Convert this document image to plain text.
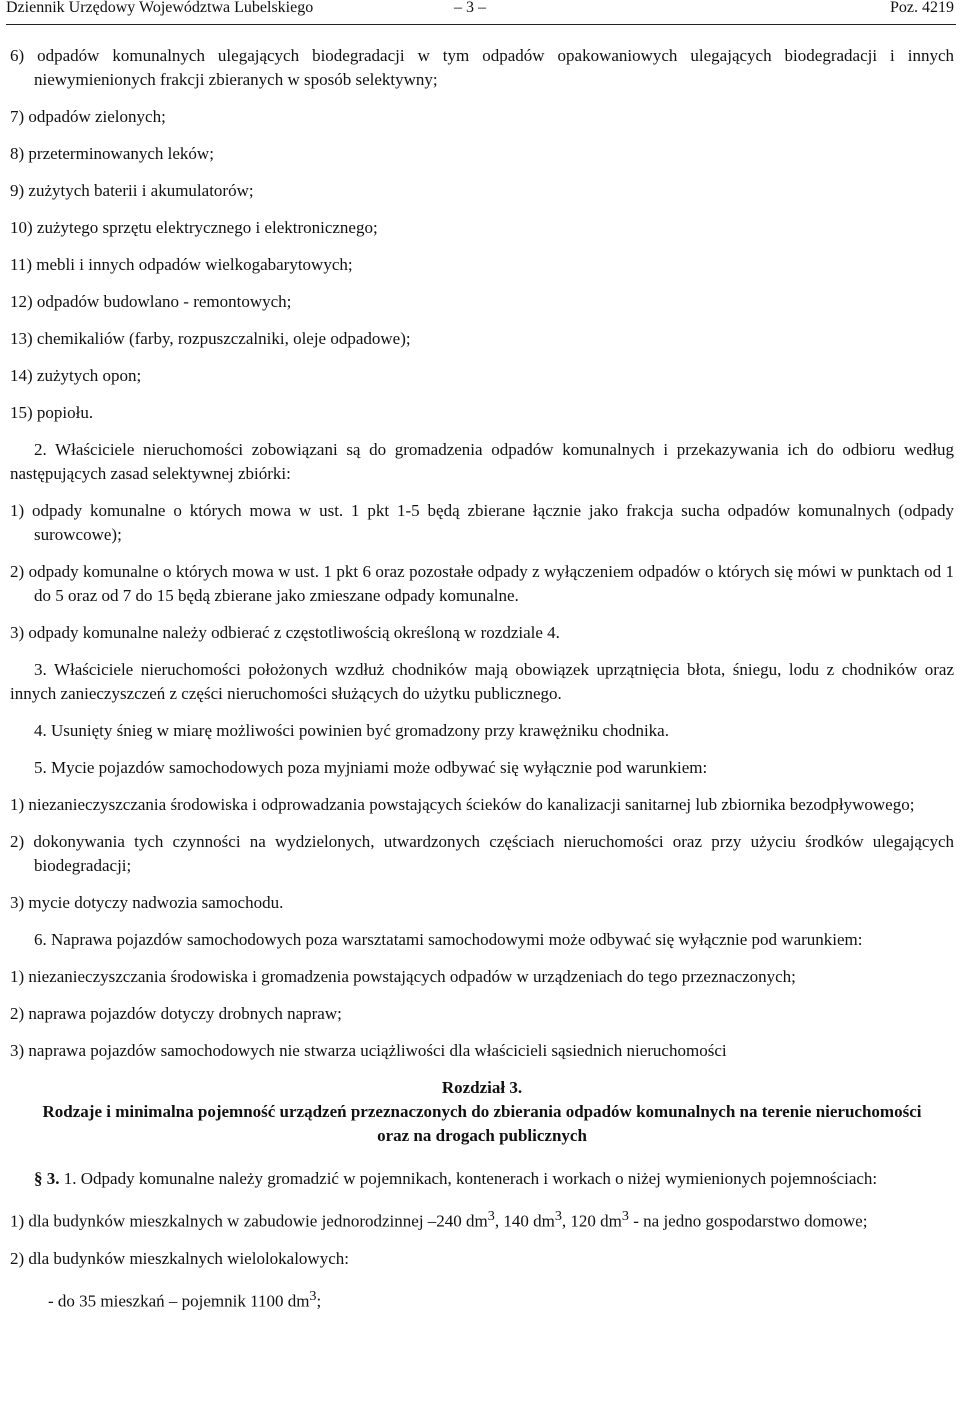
Dziennik Urzędowy Województwa Lubelskiego	– 3 –	Poz. 4219

6) odpadów komunalnych ulegających biodegradacji w tym odpadów opakowaniowych ulegających biodegradacji i innych niewymienionych frakcji zbieranych w sposób selektywny;

7) odpadów zielonych;

8) przeterminowanych leków;

9) zużytych baterii i akumulatorów;

10) zużytego sprzętu elektrycznego i elektronicznego;

11) mebli i innych odpadów wielkogabarytowych;

12) odpadów budowlano - remontowych;

13) chemikaliów (farby, rozpuszczalniki, oleje odpadowe);

14) zużytych opon;

15) popiołu.

2. Właściciele nieruchomości zobowiązani są do gromadzenia odpadów komunalnych i przekazywania ich do odbioru według następujących zasad selektywnej zbiórki:

1) odpady komunalne o których mowa w ust. 1 pkt 1-5 będą zbierane łącznie jako frakcja sucha odpadów komunalnych (odpady surowcowe);

2) odpady komunalne o których mowa w ust. 1 pkt 6 oraz pozostałe odpady z wyłączeniem odpadów o których się mówi w punktach od 1 do 5 oraz od 7 do 15 będą zbierane jako zmieszane odpady komunalne.

3) odpady komunalne należy odbierać z częstotliwością określoną w rozdziale 4.

3. Właściciele nieruchomości położonych wzdłuż chodników mają obowiązek uprzątnięcia błota, śniegu, lodu z chodników oraz innych zanieczyszczeń z części nieruchomości służących do użytku publicznego.

4. Usunięty śnieg w miarę możliwości powinien być gromadzony przy krawężniku chodnika.

5. Mycie pojazdów samochodowych poza myjniami może odbywać się wyłącznie pod warunkiem:

1) niezanieczyszczania środowiska i odprowadzania powstających ścieków do kanalizacji sanitarnej lub zbiornika bezodpływowego;

2) dokonywania tych czynności na wydzielonych, utwardzonych częściach nieruchomości oraz przy użyciu środków ulegających biodegradacji;

3) mycie dotyczy nadwozia samochodu.

6. Naprawa pojazdów samochodowych poza warsztatami samochodowymi może odbywać się wyłącznie pod warunkiem:

1) niezanieczyszczania środowiska i gromadzenia powstających odpadów w urządzeniach do tego przeznaczonych;

2) naprawa pojazdów dotyczy drobnych napraw;

3) naprawa pojazdów samochodowych nie stwarza uciążliwości dla właścicieli sąsiednich nieruchomości

Rozdział 3.

Rodzaje i minimalna pojemność urządzeń przeznaczonych do zbierania odpadów komunalnych na terenie nieruchomości oraz na drogach publicznych

§ 3. 1. Odpady komunalne należy gromadzić w pojemnikach, kontenerach i workach o niżej wymienionych pojemnościach:

1) dla budynków mieszkalnych w zabudowie jednorodzinnej –240 $dm^3$, 140 $dm^3$, 120 $dm^3$ - na jedno gospodarstwo domowe;

2) dla budynków mieszkalnych wielolokalowych:

- do 35 mieszkań – pojemnik 1100 $dm^3$;
